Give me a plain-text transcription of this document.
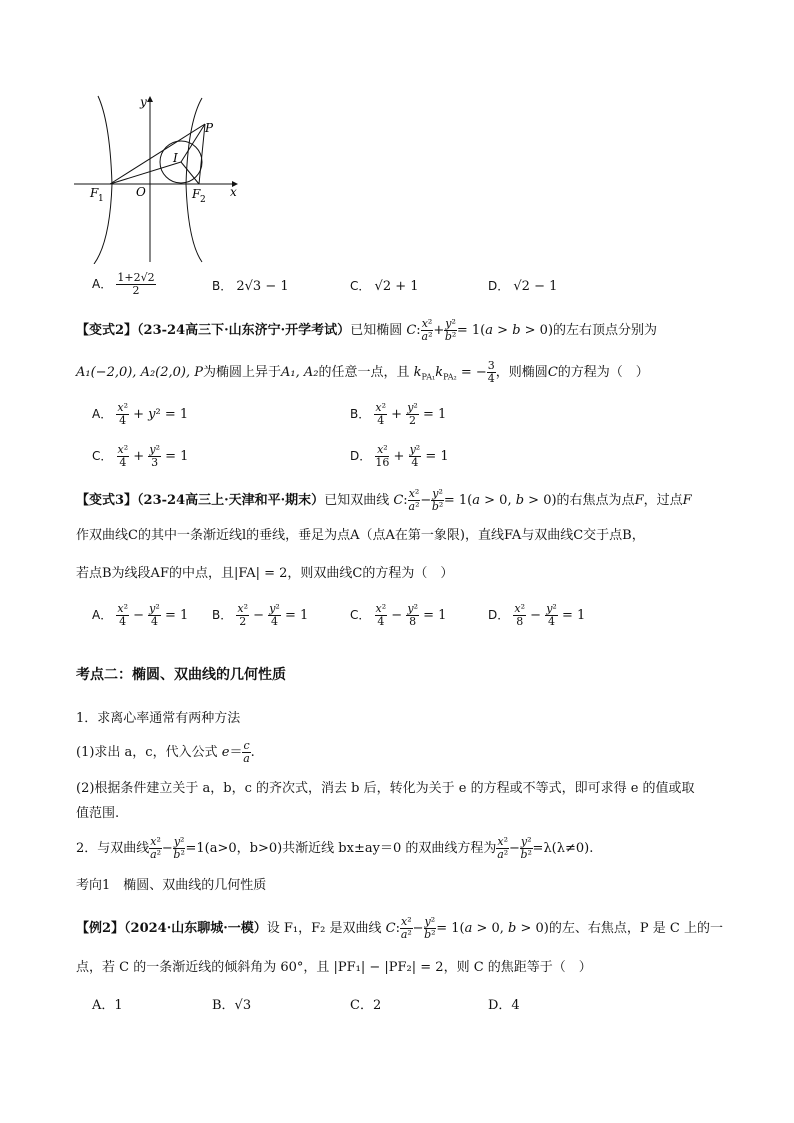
y
x
P
I
F 1	O	F 2
A． $\frac{1+2√2}{2}$	B． 2√3 − 1	C． √2 + 1	D． √2 − 1
【变式2】（23-24高三下·山东济宁·开学考试）已知椭圆 C: $\frac{\text{x²}}{\text{a²}} + \frac{\text{y²}}{\text{b²}} = 1(a > b > 0)$的左右顶点分别为
A₁(−2,0), A₂(2,0), P为椭圆上异于A₁, A₂的任意一点，且 $k_{PA_1}k_{PA_2}$ = − $\frac{3}{4}$ ，则椭圆C的方程为（　）
A． $\frac{\text{x²}}{4} + y^2 = 1$	B． $\frac{\text{x²}}{4} + \frac{\text{y²}}{2} = 1$
C． $\frac{\text{x²}}{4} + \frac{\text{y²}}{3} = 1$	D． $\frac{\text{x²}}{16} + \frac{\text{y²}}{4} = 1$
【变式3】（23-24高三上·天津和平·期末）已知双曲线 C: $\frac{\text{x²}}{\text{a²}} - \frac{\text{y²}}{\text{b²}} = 1(a > 0$, b > 0)的右焦点为点F，过点F
作双曲线C的其中一条渐近线l的垂线，垂足为点A（点A在第一象限)，直线FA与双曲线C交于点B，
若点B为线段AF的中点，且|FA| = 2，则双曲线C的方程为（　）
A． $\frac{\text{x²}}{4} - \frac{\text{y²}}{4} = 1$ B． $\frac{\text{x²}}{2} - \frac{\text{y²}}{4} = 1$	C． $\frac{\text{x²}}{4} - \frac{\text{y²}}{8} = 1$	D． $\frac{\text{x²}}{8} - \frac{\text{y²}}{4} = 1$
考点二：椭圆、双曲线的几何性质
1．求离心率通常有两种方法
(1)求出 a，c，代入公式 $e= \frac{c}{a}$ .
(2)根据条件建立关于 a，b，c 的齐次式，消去 b 后，转化为关于 e 的方程或不等式，即可求得 e 的值或取
值范围.
2．与双曲线 $\frac{\text{x²}}{\text{a²}} - \frac{\text{y²}}{\text{b²}} =1(a>0$，b>0)共渐近线 bx±ay＝0 的双曲线方程为 $\frac{\text{x²}}{\text{a²}} - \frac{\text{y²}}{\text{b²}} =\lambda(\lambda\ne 0)$.
考向1　椭圆、双曲线的几何性质
【例2】（2024·山东聊城·一模）设 F₁，F₂ 是双曲线 C: $\frac{\text{x²}}{\text{a²}} - \frac{\text{y²}}{\text{b²}} = 1(a > 0$, b > 0)的左、右焦点，P 是 C 上的一
点，若 C 的一条渐近线的倾斜角为 60°，且 |PF₁| − |PF₂| = 2，则 C 的焦距等于（　）
A．1	B．√3	C．2	D．4
